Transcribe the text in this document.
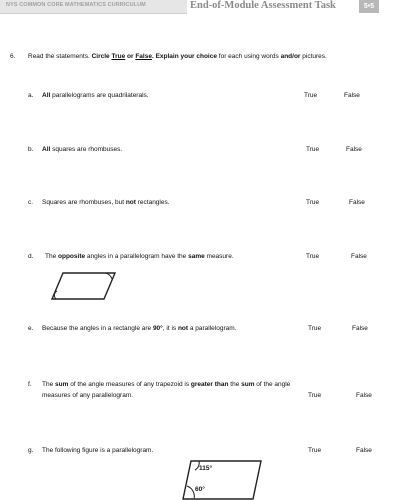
NYS COMMON CORE MATHEMATICS CURRICULUM	End-of-Module Assessment Task	5•5
6. Read the statements. Circle True or False. Explain your choice for each using words and/or pictures.
a. All parallelograms are quadrilaterals.	True	False
b. All squares are rhombuses.	True	False
c. Squares are rhombuses, but not rectangles.	True	False
d. The opposite angles in a parallelogram have the same measure.	True	False
e. Because the angles in a rectangle are 90°, it is not a parallelogram.	True	False
f. The sum of the angle measures of any trapezoid is greater than the sum of the angle
measures of any parallelogram.	True	False
g. The following figure is a parallelogram.	True	False
115°
60°
